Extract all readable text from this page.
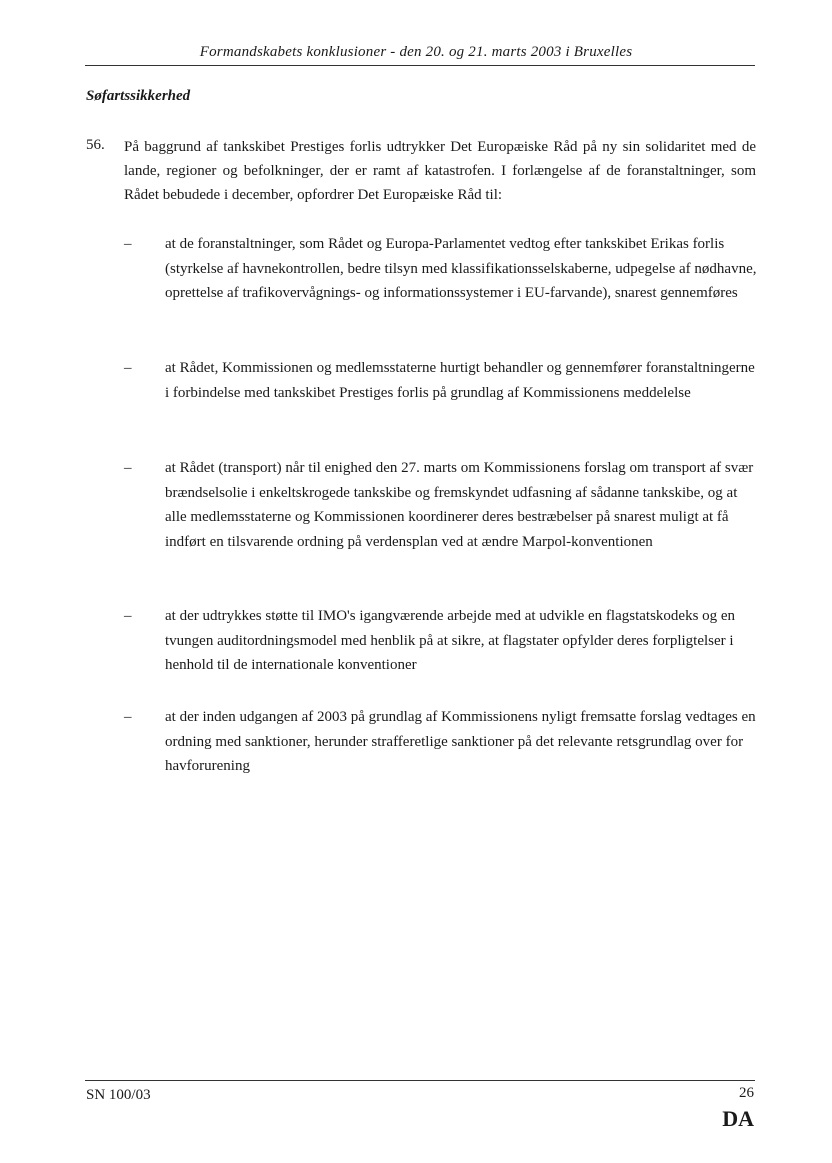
Formandskabets konklusioner - den 20. og 21. marts 2003 i Bruxelles
Søfartssikkerhed
56. På baggrund af tankskibet Prestiges forlis udtrykker Det Europæiske Råd på ny sin solidaritet med de lande, regioner og befolkninger, der er ramt af katastrofen. I forlængelse af de foranstaltninger, som Rådet bebudede i december, opfordrer Det Europæiske Råd til:
– at de foranstaltninger, som Rådet og Europa-Parlamentet vedtog efter tankskibet Erikas forlis (styrkelse af havnekontrollen, bedre tilsyn med klassifikationsselskaberne, udpegelse af nødhavne, oprettelse af trafikovervågnings- og informationssystemer i EU-farvande), snarest gennemføres
– at Rådet, Kommissionen og medlemsstaterne hurtigt behandler og gennemfører foranstaltningerne i forbindelse med tankskibet Prestiges forlis på grundlag af Kommissionens meddelelse
– at Rådet (transport) når til enighed den 27. marts om Kommissionens forslag om transport af svær brændselsolie i enkeltskrogede tankskibe og fremskyndet udfasning af sådanne tankskibe, og at alle medlemsstaterne og Kommissionen koordinerer deres bestræbelser på snarest muligt at få indført en tilsvarende ordning på verdensplan ved at ændre Marpol-konventionen
– at der udtrykkes støtte til IMO's igangværende arbejde med at udvikle en flagstatskodeks og en tvungen auditordningsmodel med henblik på at sikre, at flagstater opfylder deres forpligtelser i henhold til de internationale konventioner
– at der inden udgangen af 2003 på grundlag af Kommissionens nyligt fremsatte forslag vedtages en ordning med sanktioner, herunder strafferetlige sanktioner på det relevante retsgrundlag over for havforurening
SN 100/03	26
DA
